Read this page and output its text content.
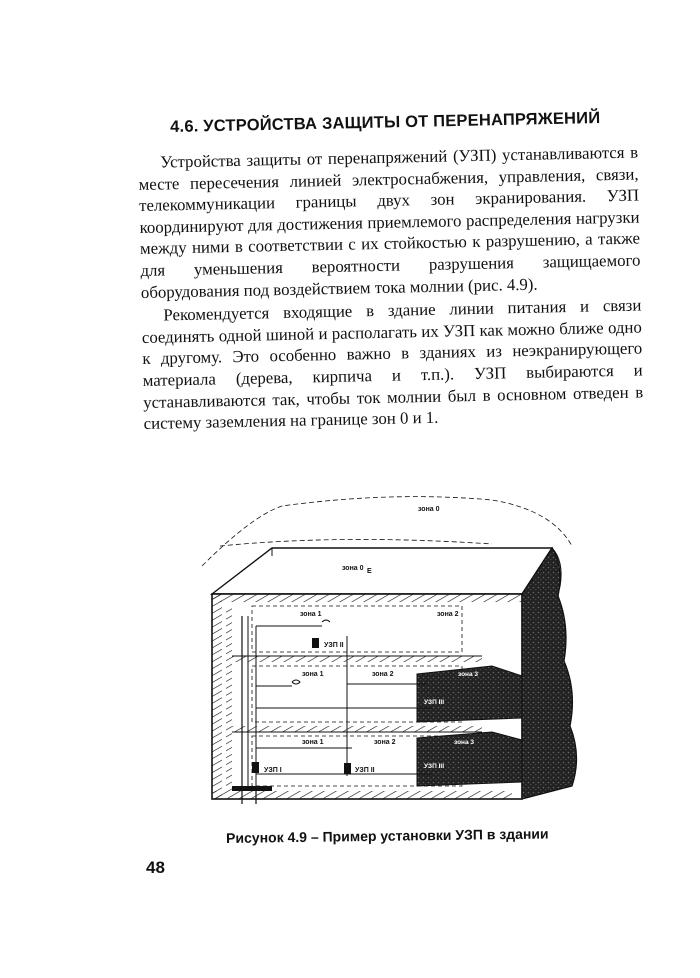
4.6. УСТРОЙСТВА ЗАЩИТЫ ОТ ПЕРЕНАПРЯЖЕНИЙ

Устройства защиты от перенапряжений (УЗП) устанавливаются в месте пересечения линией электроснабжения, управления, связи, телекоммуникации границы двух зон экранирования. УЗП координируют для достижения приемлемого распределения нагрузки между ними в соответствии с их стойкостью к разрушению, а также для уменьшения вероятности разрушения защищаемого оборудования под воздействием тока молнии (рис. 4.9).

Рекомендуется входящие в здание линии питания и связи соединять одной шиной и располагать их УЗП как можно ближе одно к другому. Это особенно важно в зданиях из неэкранирующего материала (дерева, кирпича и т.п.). УЗП выбираются и устанавливаются так, чтобы ток молнии был в основном отведен в систему заземления на границе зон 0 и 1.

зона 0
зона 0 Е
зона 1	зона 2
УЗП II
зона 1	зона 2	зона 3
УЗП III
зона 1	зона 2	зона 3
УЗП I	УЗП II
УЗП III
Рисунок 4.9 – Пример установки УЗП в здании
48
